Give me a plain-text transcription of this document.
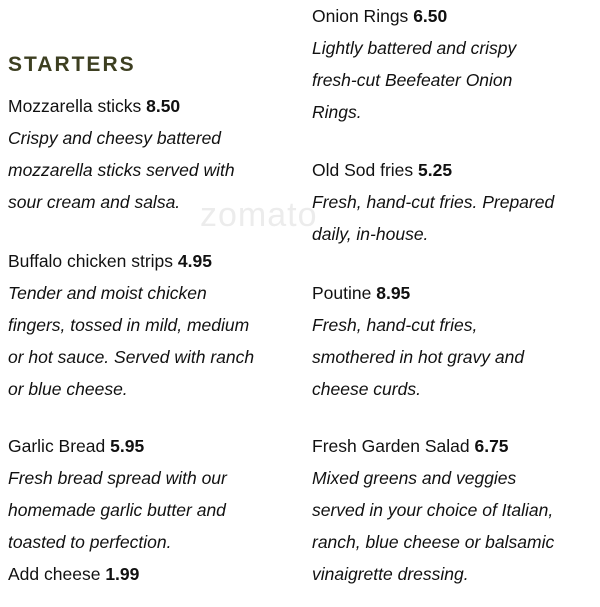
zomato
STARTERS

Mozzarella sticks 8.50

Crispy and cheesy battered

mozzarella sticks served with

sour cream and salsa.

Buffalo chicken strips 4.95

Tender and moist chicken

fingers, tossed in mild, medium

or hot sauce. Served with ranch

or blue cheese.

Garlic Bread 5.95

Fresh bread spread with our

homemade garlic butter and

toasted to perfection.

Add cheese 1.99

Onion Rings 6.50

Lightly battered and crispy

fresh-cut Beefeater Onion

Rings.

Old Sod fries 5.25

Fresh, hand-cut fries. Prepared

daily, in-house.

Poutine 8.95

Fresh, hand-cut fries,

smothered in hot gravy and

cheese curds.

Fresh Garden Salad 6.75

Mixed greens and veggies

served in your choice of Italian,

ranch, blue cheese or balsamic

vinaigrette dressing.
